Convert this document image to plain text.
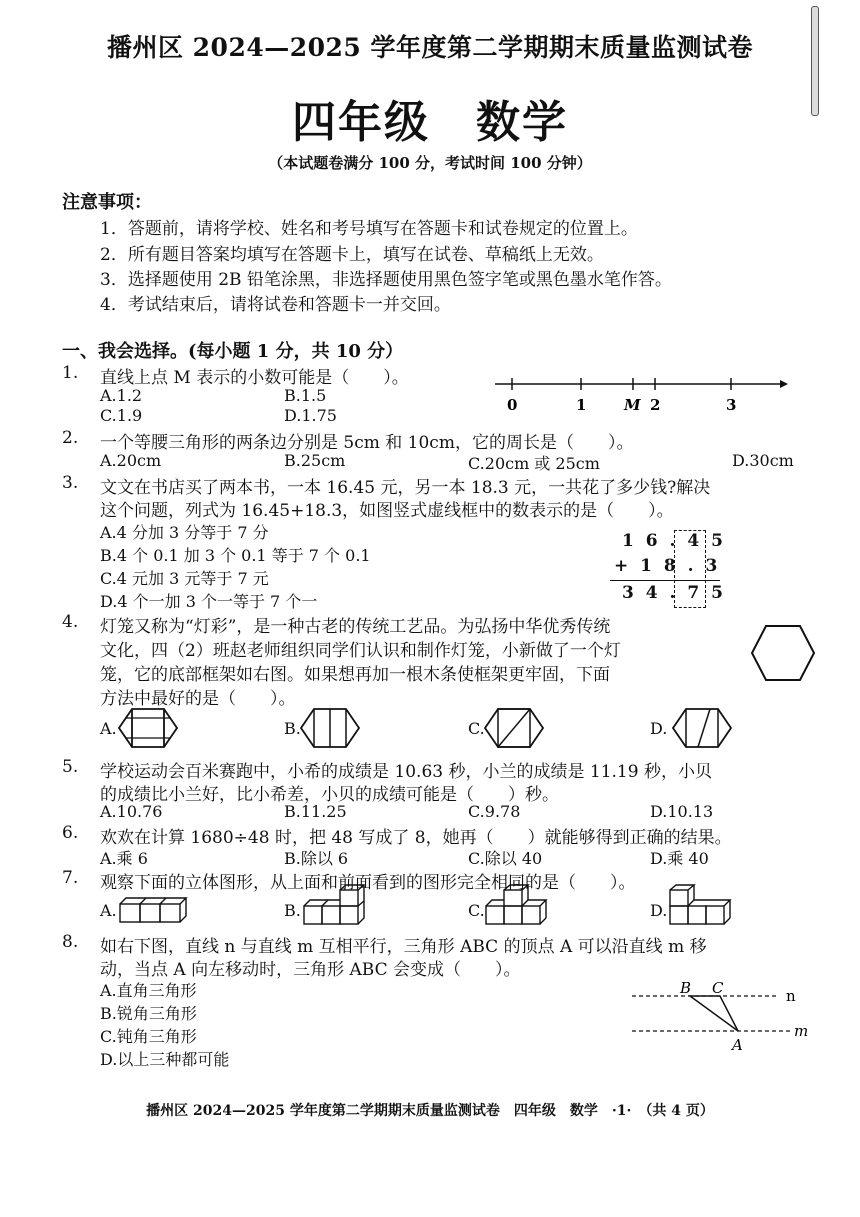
播州区 2024—2025 学年度第二学期期末质量监测试卷
四年级　数学
（本试题卷满分 100 分，考试时间 100 分钟）
注意事项：
1．答题前，请将学校、姓名和考号填写在答题卡和试卷规定的位置上。
2．所有题目答案均填写在答题卡上，填写在试卷、草稿纸上无效。
3．选择题使用 2B 铅笔涂黑，非选择题使用黑色签字笔或黑色墨水笔作答。
4．考试结束后，请将试卷和答题卡一并交回。
一、我会选择。(每小题 1 分，共 10 分）
1. 直线上点 M 表示的小数可能是（　　）。
A.1.2	B.1.5
C.1.9	D.1.75
0	1	M 2	3
2. 一个等腰三角形的两条边分别是 5cm 和 10cm，它的周长是（　　）。
A.20cm	B.25cm	C.20cm 或 25cm	D.30cm
3. 文文在书店买了两本书，一本 16.45 元，另一本 18.3 元，一共花了多少钱?解决
这个问题，列式为 16.45+18.3，如图竖式虚线框中的数表示的是（　　）。
A.4 分加 3 分等于 7 分
B.4 个 0.1 加 3 个 0.1 等于 7 个 0.1
C.4 元加 3 元等于 7 元
D.4 个一加 3 个一等于 7 个一
1 6 . 4 5
+ 1 8 . 3
3 4 . 7 5
4. 灯笼又称为“灯彩”，是一种古老的传统工艺品。为弘扬中华优秀传统
文化，四（2）班赵老师组织同学们认识和制作灯笼，小新做了一个灯
笼，它的底部框架如右图。如果想再加一根木条使框架更牢固，下面
方法中最好的是（　　）。
A.	B.	C.	D.
5. 学校运动会百米赛跑中，小希的成绩是 10.63 秒，小兰的成绩是 11.19 秒，小贝
的成绩比小兰好，比小希差，小贝的成绩可能是（　　）秒。
A.10.76	B.11.25	C.9.78	D.10.13
6. 欢欢在计算 1680÷48 时，把 48 写成了 8，她再（　　）就能够得到正确的结果。
A.乘 6	B.除以 6	C.除以 40	D.乘 40
7. 观察下面的立体图形，从上面和前面看到的图形完全相同的是（　　）。
A.	B.	C.	D.
8. 如右下图，直线 n 与直线 m 互相平行，三角形 ABC 的顶点 A 可以沿直线 m 移
动，当点 A 向左移动时，三角形 ABC 会变成（　　）。
A.直角三角形
B.锐角三角形
C.钝角三角形
D.以上三种都可能
B C
A
n
m
播州区 2024—2025 学年度第二学期期末质量监测试卷　四年级　数学　·1·　（共 4 页）
